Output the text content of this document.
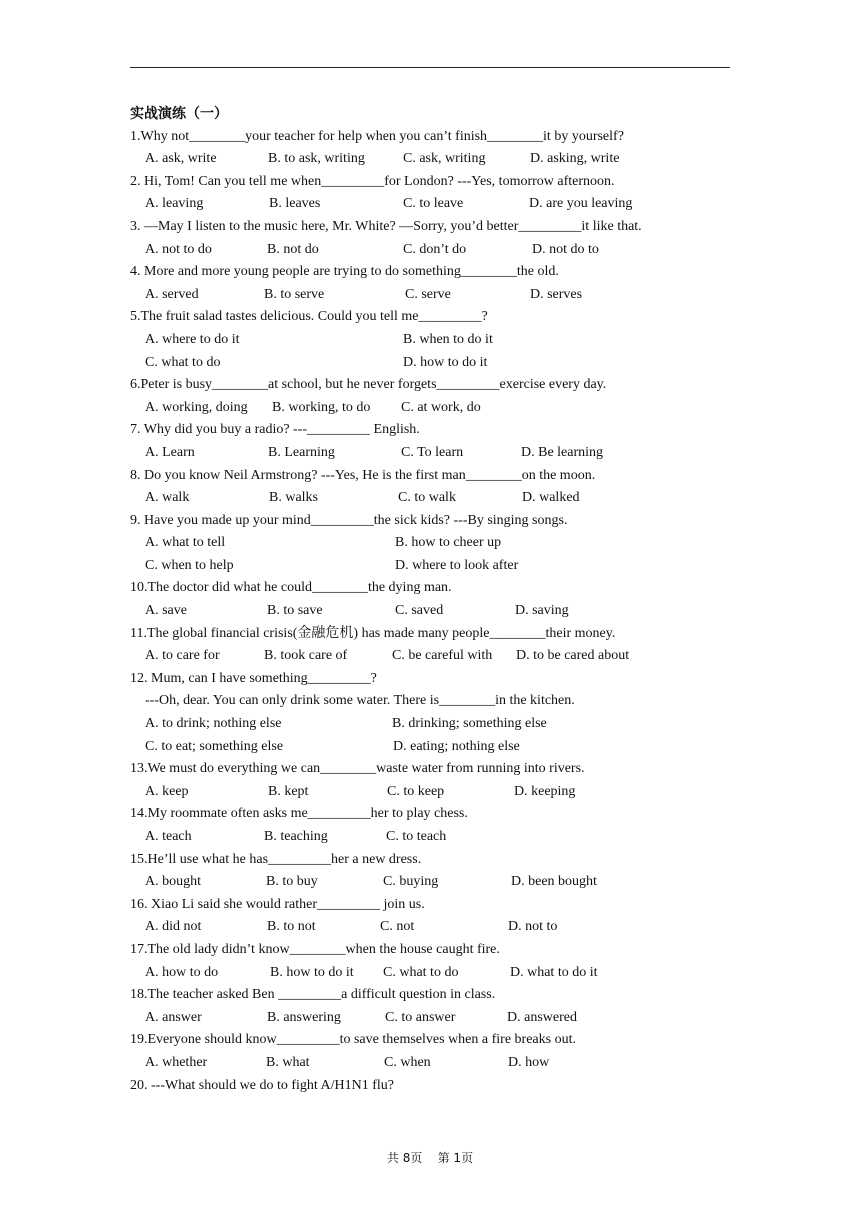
实战演练（一）
1.Why not________your teacher for help when you can’t finish________it by yourself?
A. ask, write	B. to ask, writing	C. ask, writing	D. asking, write
2. Hi, Tom! Can you tell me when_________for London? ---Yes, tomorrow afternoon.
A. leaving	B. leaves	C. to leave	D. are you leaving
3. —May I listen to the music here, Mr. White? —Sorry, you’d better_________it like that.
A. not to do	B. not do	C. don’t do	D. not do to
4. More and more young people are trying to do something________the old.
A. served	B. to serve	C. serve	D. serves
5.The fruit salad tastes delicious. Could you tell me_________?
A. where to do it	B. when to do it
C. what to do	D. how to do it
6.Peter is busy________at school, but he never forgets_________exercise every day.
A. working, doing B. working, to do C. at work, do
7. Why did you buy a radio? ---_________ English.
A. Learn	B. Learning	C. To learn	D. Be learning
8. Do you know Neil Armstrong? ---Yes, He is the first man________on the moon.
A. walk	B. walks	C. to walk	D. walked
9. Have you made up your mind_________the sick kids? ---By singing songs.
A. what to tell	B. how to cheer up
C. when to help	D. where to look after
10.The doctor did what he could________the dying man.
A. save	B. to save	C. saved	D. saving
11.The global financial crisis(金融危机) has made many people________their money.
A. to care for	B. took care of	C. be careful with D. to be cared about
12. Mum, can I have something_________?
---Oh, dear. You can only drink some water. There is________in the kitchen.
A. to drink; nothing else	B. drinking; something else
C. to eat; something else	D. eating; nothing else
13.We must do everything we can________waste water from running into rivers.
A. keep	B. kept	C. to keep	D. keeping
14.My roommate often asks me_________her to play chess.
A. teach	B. teaching	C. to teach
15.He’ll use what he has_________her a new dress.
A. bought	B. to buy	C. buying	D. been bought
16. Xiao Li said she would rather_________ join us.
A. did not	B. to not	C. not	D. not to
17.The old lady didn’t know________when the house caught fire.
A. how to do	B. how to do it C. what to do	D. what to do it
18.The teacher asked Ben _________a difficult question in class.
A. answer	B. answering	C. to answer	D. answered
19.Everyone should know_________to save themselves when a fire breaks out.
A. whether	B. what	C. when	D. how
20. ---What should we do to fight A/H1N1 flu?
共 8页    第 1页
